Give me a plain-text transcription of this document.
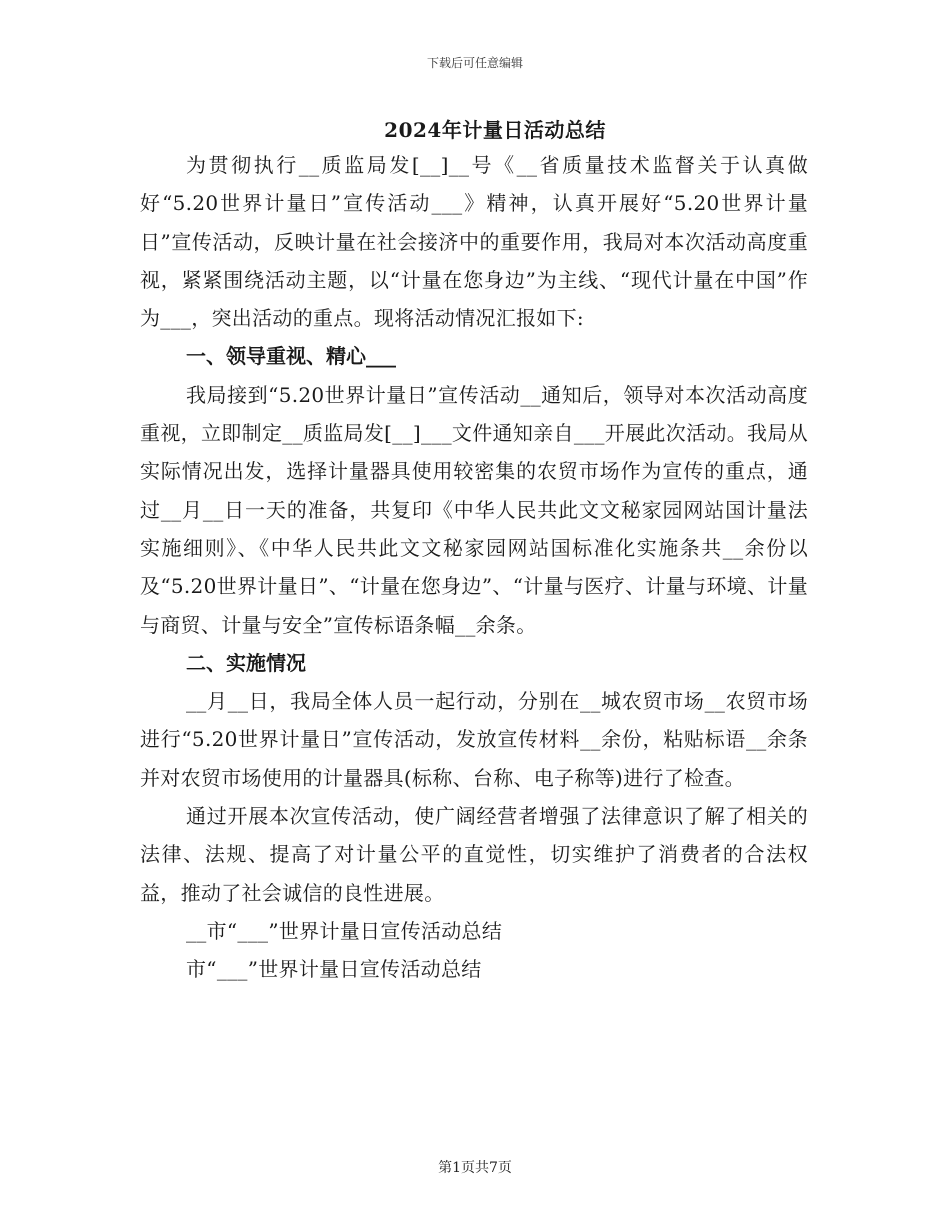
下载后可任意编辑
2024年计量日活动总结

为贯彻执行__质监局发[__]__号《__省质量技术监督关于认真做好“5.20世界计量日”宣传活动___》精神，认真开展好“5.20世界计量日”宣传活动，反映计量在社会接济中的重要作用，我局对本次活动高度重视，紧紧围绕活动主题，以“计量在您身边”为主线、“现代计量在中国”作为___，突出活动的重点。现将活动情况汇报如下:

一、领导重视、精心___

我局接到“5.20世界计量日”宣传活动__通知后，领导对本次活动高度重视，立即制定__质监局发[__]___文件通知亲自___开展此次活动。我局从实际情况出发，选择计量器具使用较密集的农贸市场作为宣传的重点，通过__月__日一天的准备，共复印《中华人民共此文文秘家园网站国计量法实施细则》、《中华人民共此文文秘家园网站国标准化实施条共__余份以及“5.20世界计量日”、“计量在您身边”、“计量与医疗、计量与环境、计量与商贸、计量与安全”宣传标语条幅__余条。

二、实施情况

__月__日，我局全体人员一起行动，分别在__城农贸市场__农贸市场进行“5.20世界计量日”宣传活动，发放宣传材料__余份，粘贴标语__余条并对农贸市场使用的计量器具(标称、台称、电子称等)进行了检查。

通过开展本次宣传活动，使广阔经营者增强了法律意识了解了相关的法律、法规、提高了对计量公平的直觉性，切实维护了消费者的合法权益，推动了社会诚信的良性进展。

__市“___”世界计量日宣传活动总结

市“___”世界计量日宣传活动总结

第1页共7页
